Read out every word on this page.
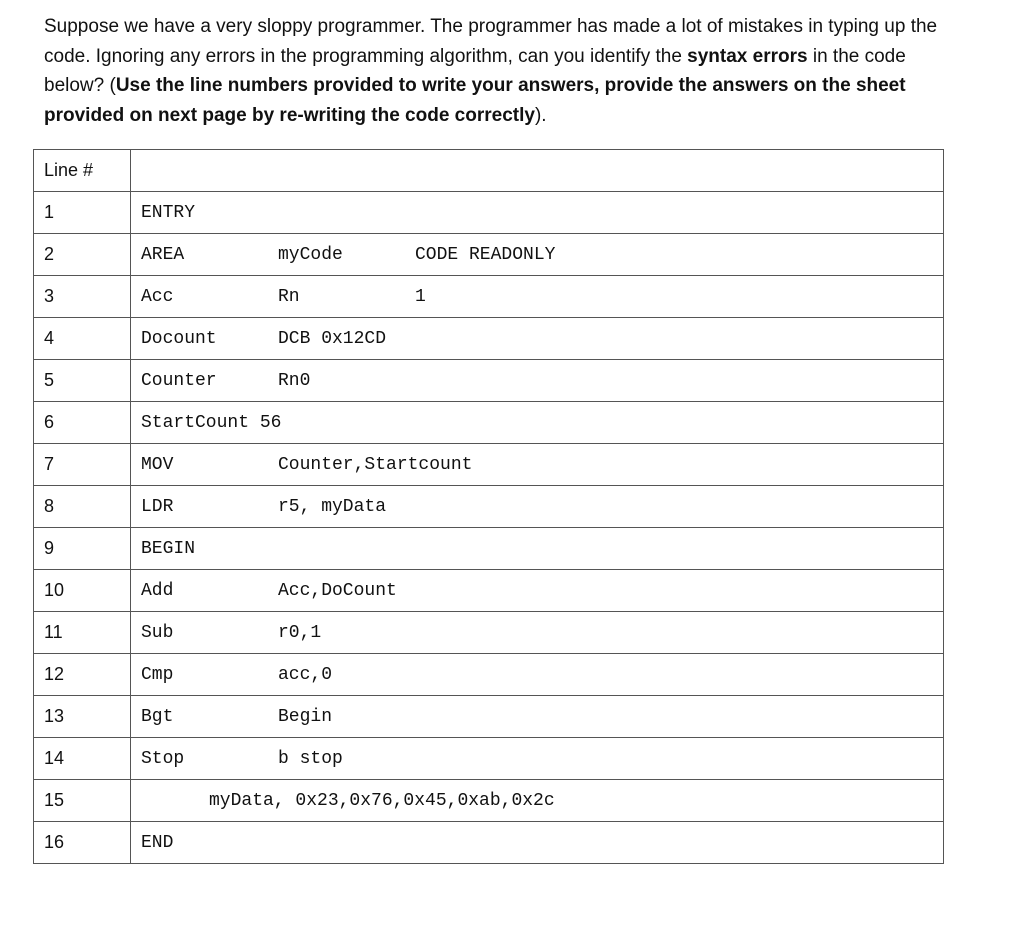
Suppose we have a very sloppy programmer. The programmer has made a lot of mistakes in typing up the code. Ignoring any errors in the programming algorithm, can you identify the syntax errors in the code below? (Use the line numbers provided to write your answers, provide the answers on the sheet provided on next page by re-writing the code correctly).
Line #	
1	ENTRY

2	AREA myCode CODE READONLY

3	Acc Rn 1

4	Docount DCB 0x12CD

5	Counter Rn0

6	StartCount 56

7	MOV Counter,Startcount

8	LDR r5, myData

9	BEGIN

10	Add Acc,DoCount

11	Sub r0,1

12	Cmp acc,0

13	Bgt Begin

14	Stop b stop

15	myData, 0x23,0x76,0x45,0xab,0x2c

16	END
